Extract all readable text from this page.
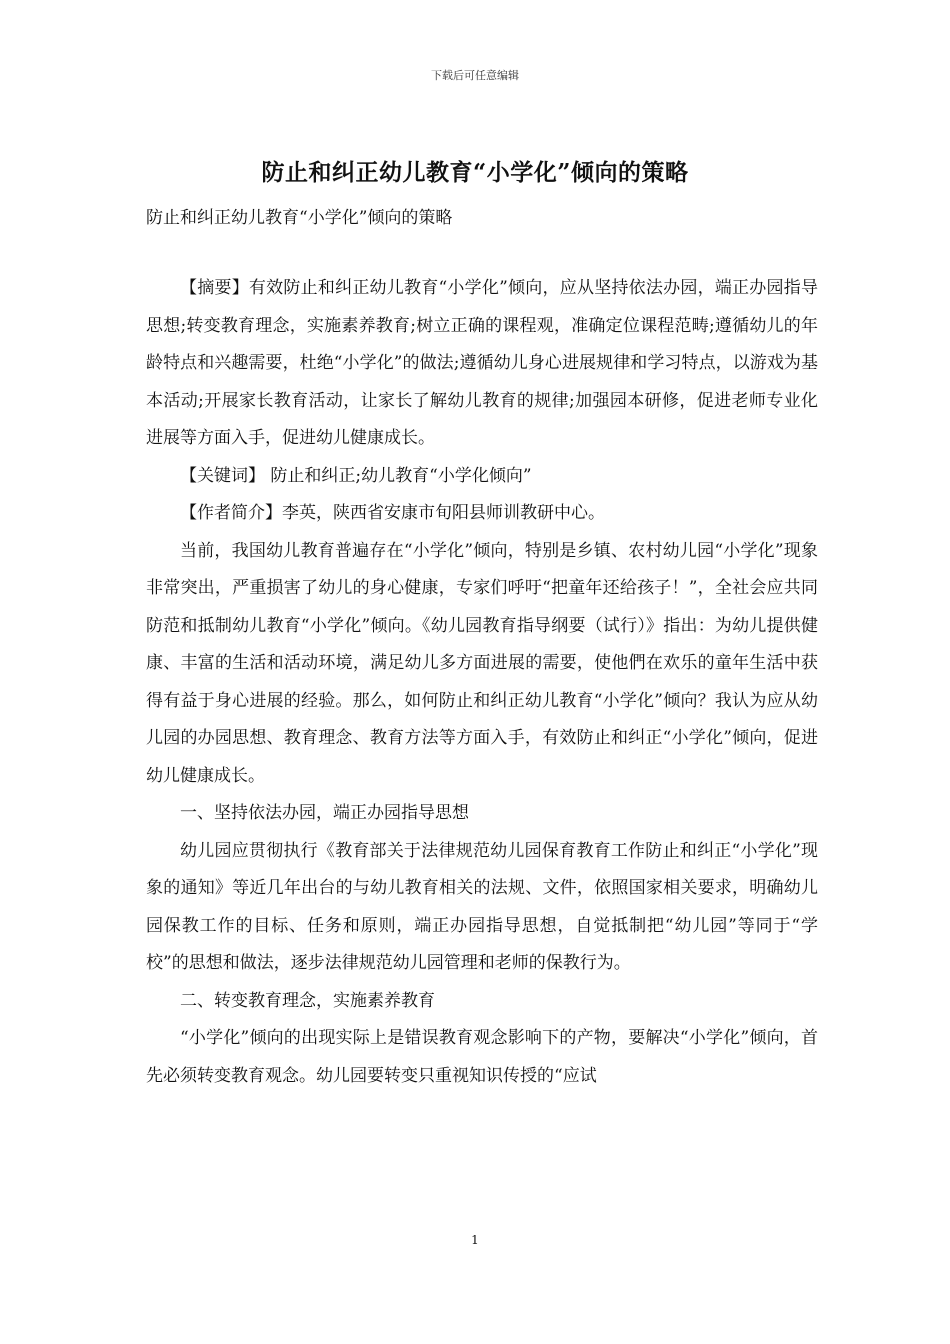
下载后可任意编辑
防止和纠正幼儿教育“小学化”倾向的策略
防止和纠正幼儿教育“小学化”倾向的策略

【摘要】有效防止和纠正幼儿教育“小学化”倾向，应从坚持依法办园，端正办园指导思想;转变教育理念，实施素养教育;树立正确的课程观，准确定位课程范畴;遵循幼儿的年龄特点和兴趣需要，杜绝“小学化”的做法;遵循幼儿身心进展规律和学习特点，以游戏为基本活动;开展家长教育活动，让家长了解幼儿教育的规律;加强园本研修，促进老师专业化进展等方面入手，促进幼儿健康成长。

【关键词】 防止和纠正;幼儿教育“小学化倾向”

【作者简介】李英，陕西省安康市旬阳县师训教研中心。

当前，我国幼儿教育普遍存在“小学化”倾向，特别是乡镇、农村幼儿园“小学化”现象非常突出，严重损害了幼儿的身心健康，专家们呼吁“把童年还给孩子！”，全社会应共同防范和抵制幼儿教育“小学化”倾向。《幼儿园教育指导纲要（试行）》指出：为幼儿提供健康、丰富的生活和活动环境，满足幼儿多方面进展的需要，使他們在欢乐的童年生活中获得有益于身心进展的经验。那么，如何防止和纠正幼儿教育“小学化”倾向？我认为应从幼儿园的办园思想、教育理念、教育方法等方面入手，有效防止和纠正“小学化”倾向，促进幼儿健康成长。

一、坚持依法办园，端正办园指导思想

幼儿园应贯彻执行《教育部关于法律规范幼儿园保育教育工作防止和纠正“小学化”现象的通知》等近几年出台的与幼儿教育相关的法规、文件，依照国家相关要求，明确幼儿园保教工作的目标、任务和原则，端正办园指导思想，自觉抵制把“幼儿园”等同于“学校”的思想和做法，逐步法律规范幼儿园管理和老师的保教行为。

二、转变教育理念，实施素养教育

“小学化”倾向的出现实际上是错误教育观念影响下的产物，要解决“小学化”倾向，首先必须转变教育观念。幼儿园要转变只重视知识传授的“应试

1
